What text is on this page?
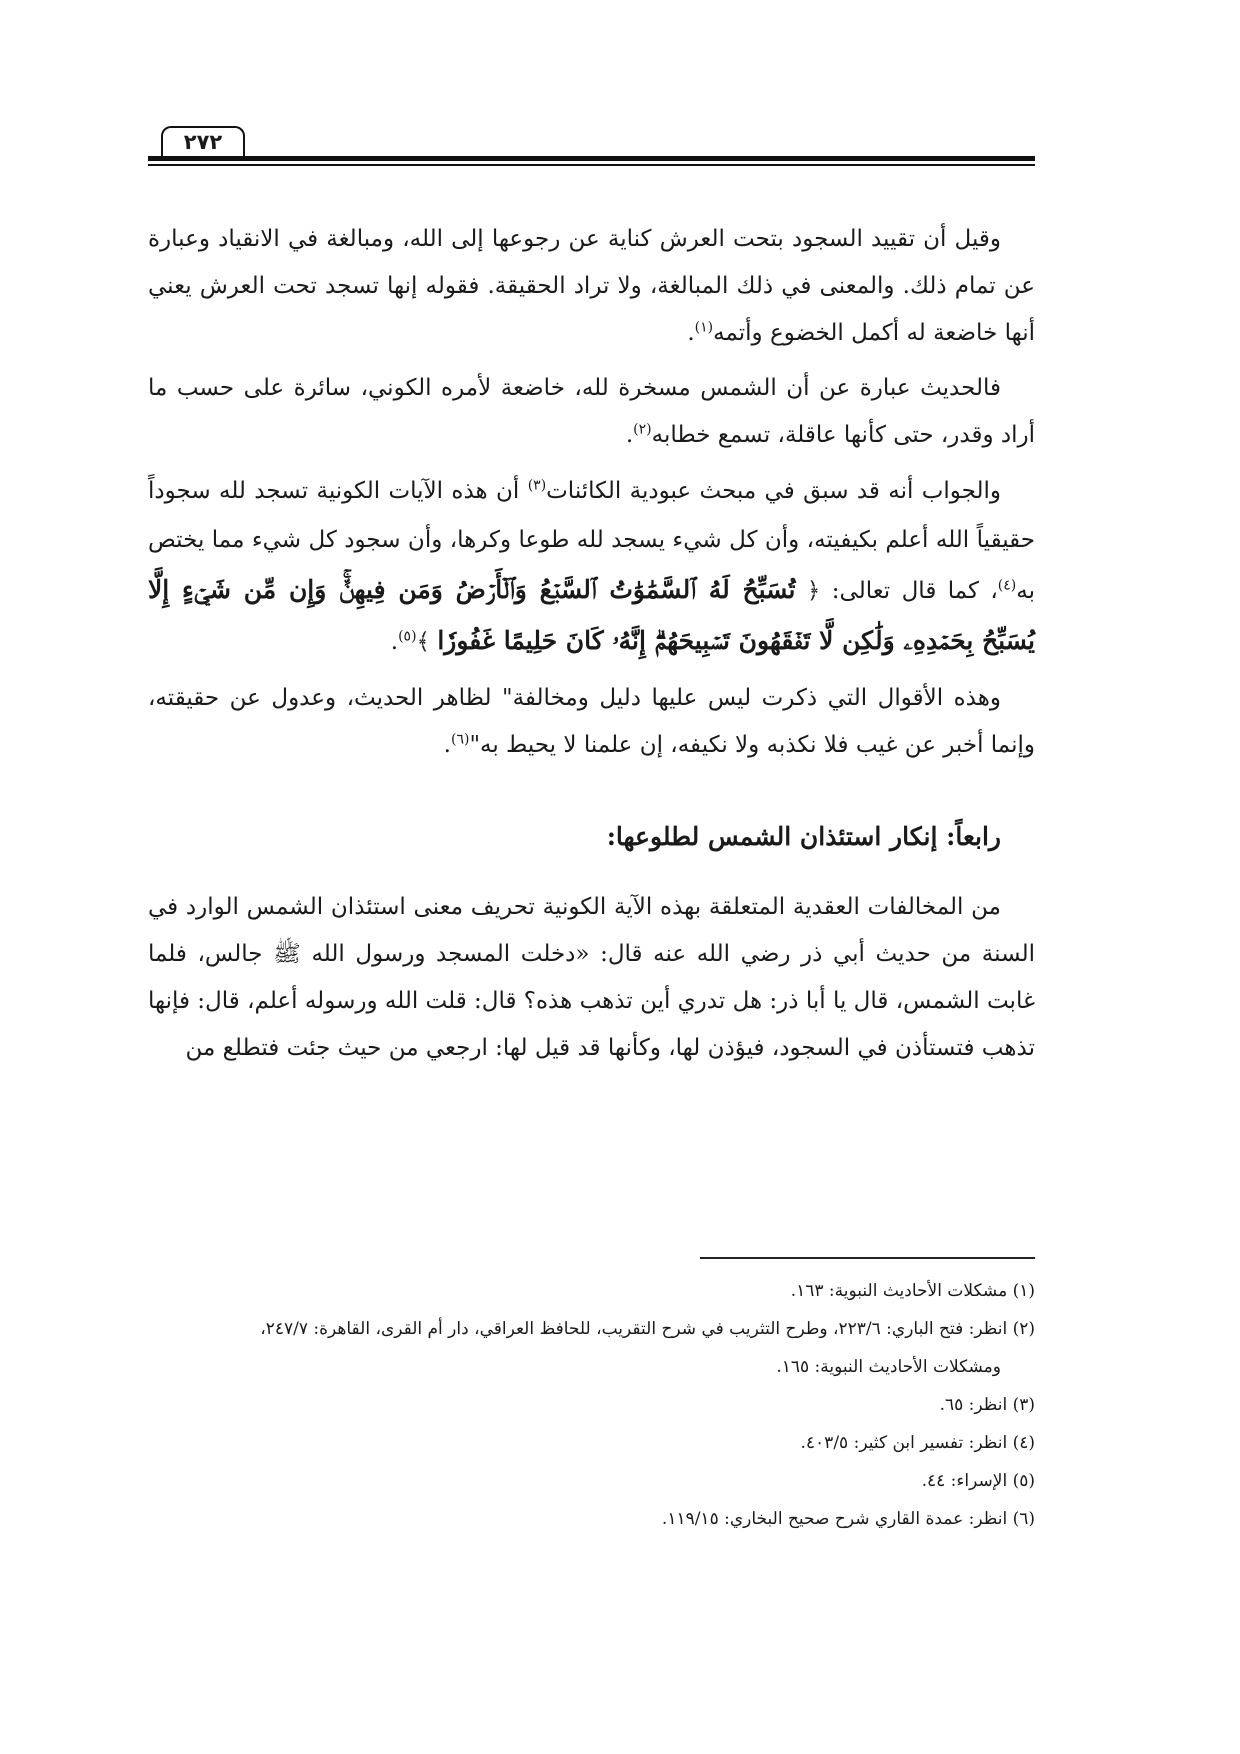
٢٧٢

وقيل أن تقييد السجود بتحت العرش كناية عن رجوعها إلى الله، ومبالغة في الانقياد وعبارة عن تمام ذلك. والمعنى في ذلك المبالغة، ولا تراد الحقيقة. فقوله إنها تسجد تحت العرش يعني أنها خاضعة له أكمل الخضوع وأتمه$^{(١)}$.

فالحديث عبارة عن أن الشمس مسخرة لله، خاضعة لأمره الكوني، سائرة على حسب ما أراد وقدر، حتى كأنها عاقلة، تسمع خطابه$^{(٢)}$.

والجواب أنه قد سبق في مبحث عبودية الكائنات$^{(٣)}$ أن هذه الآيات الكونية تسجد لله سجوداً حقيقياً الله أعلم بكيفيته، وأن كل شيء يسجد لله طوعا وكرها، وأن سجود كل شيء مما يختص به$^{(٤)}$، كما قال تعالى: ﴿ تُسَبِّحُ لَهُ ٱلسَّمَٰوَٰتُ ٱلسَّبۡعُ وَٱلۡأَرۡضُ وَمَن فِيهِنَّۚ وَإِن مِّن شَيۡءٍ إِلَّا يُسَبِّحُ بِحَمۡدِهِۦ وَلَٰكِن لَّا تَفۡقَهُونَ تَسۡبِيحَهُمۡۗ إِنَّهُۥ كَانَ حَلِيمًا غَفُورٗا ﴾$^{(٥)}$.

وهذه الأقوال التي ذكرت ليس عليها دليل ومخالفة" لظاهر الحديث، وعدول عن حقيقته، وإنما أخبر عن غيب فلا نكذبه ولا نكيفه، إن علمنا لا يحيط به"$^{(٦)}$.

رابعاً: إنكار استئذان الشمس لطلوعها:

من المخالفات العقدية المتعلقة بهذه الآية الكونية تحريف معنى استئذان الشمس الوارد في السنة من حديث أبي ذر رضي الله عنه قال: «دخلت المسجد ورسول الله ﷺ جالس، فلما غابت الشمس، قال يا أبا ذر: هل تدري أين تذهب هذه؟ قال: قلت الله ورسوله أعلم، قال: فإنها تذهب فتستأذن في السجود، فيؤذن لها، وكأنها قد قيل لها: ارجعي من حيث جئت فتطلع من

(١) مشكلات الأحاديث النبوية: ١٦٣.

(٢) انظر: فتح الباري: ٢٢٣/٦، وطرح التثريب في شرح التقريب، للحافظ العراقي، دار أم القرى، القاهرة: ٢٤٧/٧،

ومشكلات الأحاديث النبوية: ١٦٥.

(٣) انظر: ٦٥.

(٤) انظر: تفسير ابن كثير: ٤٠٣/٥.

(٥) الإسراء: ٤٤.

(٦) انظر: عمدة القاري شرح صحيح البخاري: ١١٩/١٥.
